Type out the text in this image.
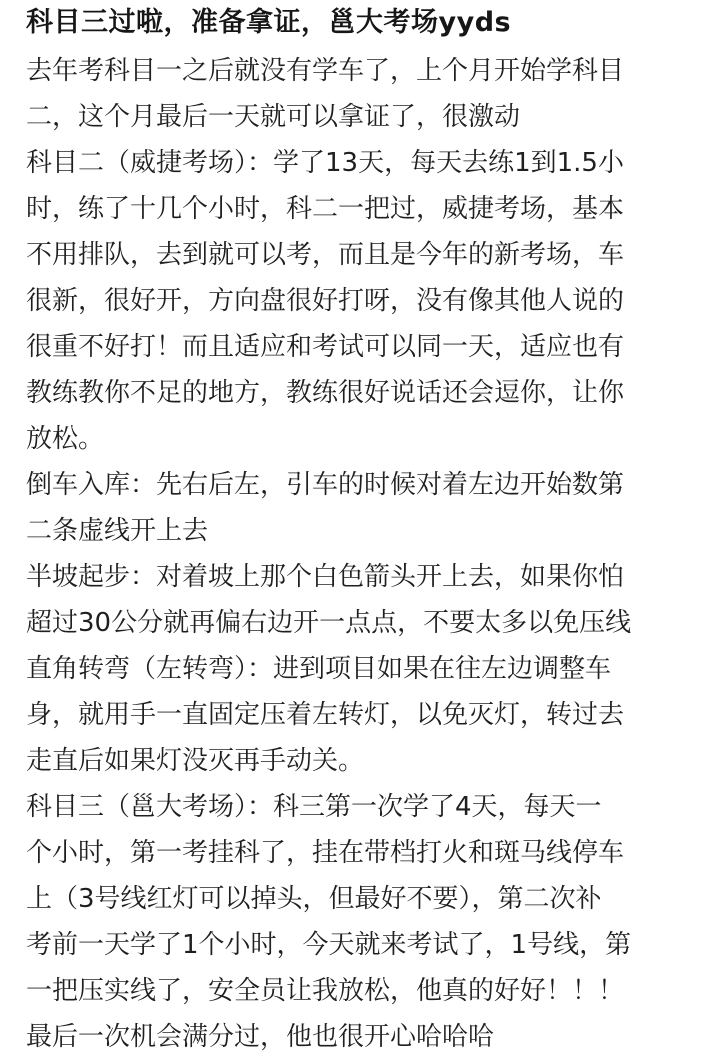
科目三过啦，准备拿证，邕大考场yyds
去年考科目一之后就没有学车了，上个月开始学科目
二，这个月最后一天就可以拿证了，很激动
科目二（威捷考场）：学了13天，每天去练1到1.5小
时，练了十几个小时，科二一把过，威捷考场，基本
不用排队，去到就可以考，而且是今年的新考场，车
很新，很好开，方向盘很好打呀，没有像其他人说的
很重不好打！而且适应和考试可以同一天，适应也有
教练教你不足的地方，教练很好说话还会逗你，让你
放松。
倒车入库：先右后左，引车的时候对着左边开始数第
二条虚线开上去
半坡起步：对着坡上那个白色箭头开上去，如果你怕
超过30公分就再偏右边开一点点，不要太多以免压线
直角转弯（左转弯）：进到项目如果在往左边调整车
身，就用手一直固定压着左转灯，以免灭灯，转过去
走直后如果灯没灭再手动关。
科目三（邕大考场）：科三第一次学了4天，每天一
个小时，第一考挂科了，挂在带档打火和斑马线停车
上（3号线红灯可以掉头，但最好不要），第二次补
考前一天学了1个小时，今天就来考试了，1号线，第
一把压实线了，安全员让我放松，他真的好好！！！
最后一次机会满分过，他也很开心哈哈哈
